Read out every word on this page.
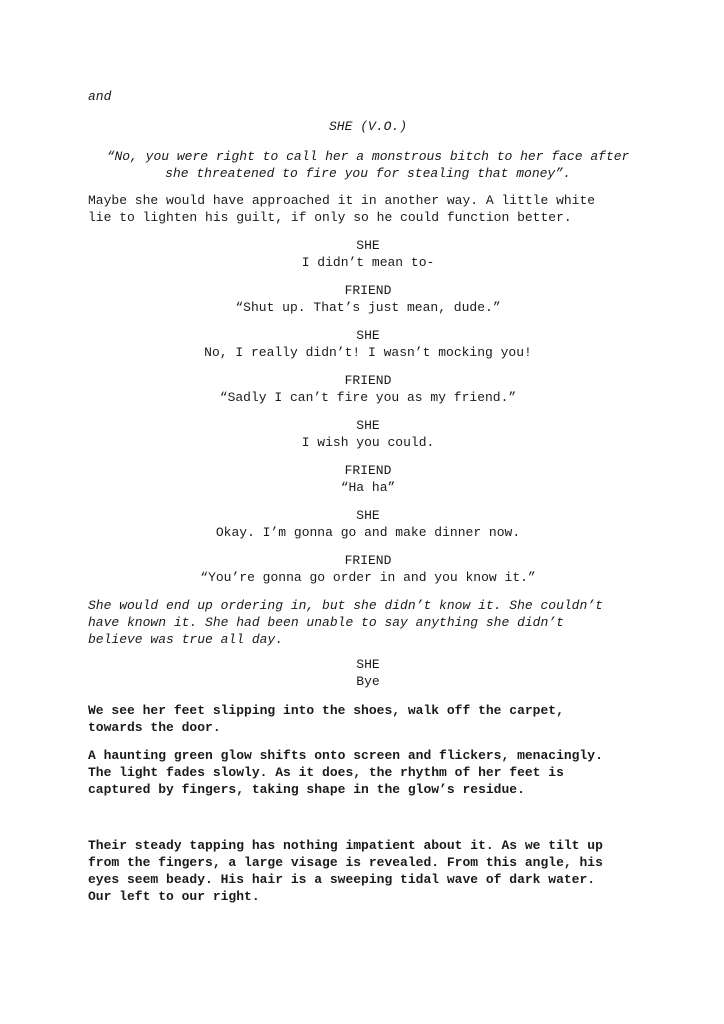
and

SHE (V.O.)

“No, you were right to call her a monstrous bitch to her face after
she threatened to fire you for stealing that money”.

Maybe she would have approached it in another way. A little white
lie to lighten his guilt, if only so he could function better.

SHE
I didn’t mean to-
FRIEND
“Shut up. That’s just mean, dude.”
SHE
No, I really didn’t! I wasn’t mocking you!
FRIEND
“Sadly I can’t fire you as my friend.”
SHE
I wish you could.
FRIEND
“Ha ha”
SHE
Okay. I’m gonna go and make dinner now.
FRIEND
“You’re gonna go order in and you know it.”

She would end up ordering in, but she didn’t know it. She couldn’t
have known it. She had been unable to say anything she didn’t
believe was true all day.

SHE
Bye

We see her feet slipping into the shoes, walk off the carpet,
towards the door.

A haunting green glow shifts onto screen and flickers, menacingly.
The light fades slowly. As it does, the rhythm of her feet is
captured by fingers, taking shape in the glow’s residue.

Their steady tapping has nothing impatient about it. As we tilt up
from the fingers, a large visage is revealed. From this angle, his
eyes seem beady. His hair is a sweeping tidal wave of dark water.
Our left to our right.
